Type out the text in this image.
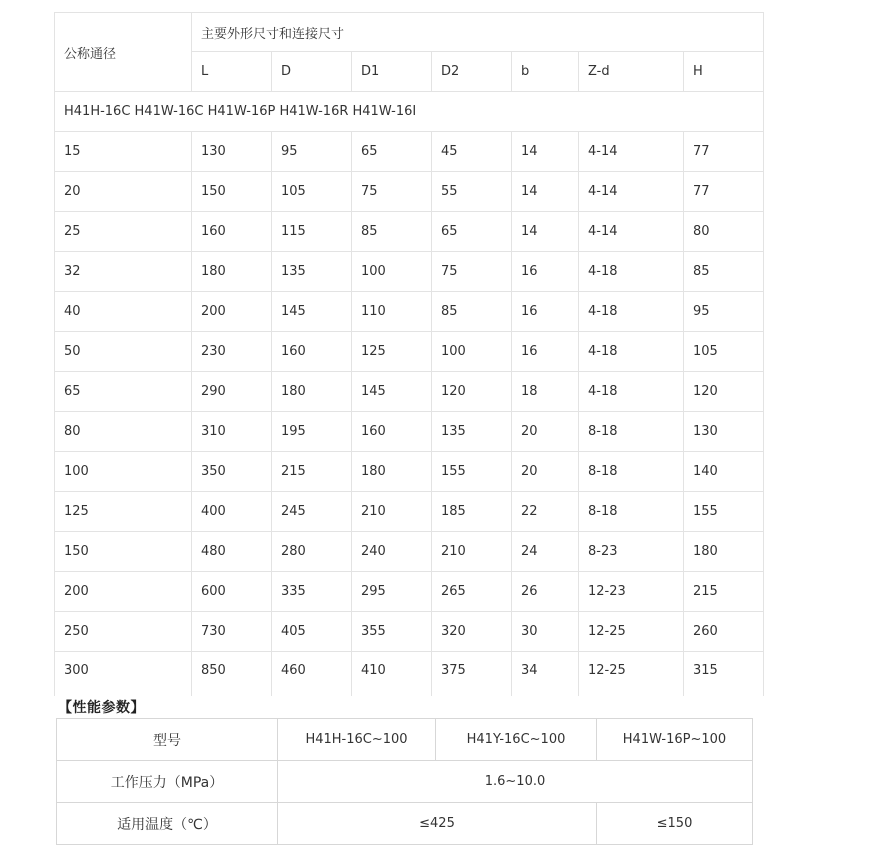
公称通径	主要外形尺寸和连接尺寸						
	L	D	D1	D2	b	Z-d	H
H41H-16C H41W-16C H41W-16P H41W-16R H41W-16I							
15	130	95	65	45	14	4-14	77
20	150	105	75	55	14	4-14	77
25	160	115	85	65	14	4-14	80
32	180	135	100	75	16	4-18	85
40	200	145	110	85	16	4-18	95
50	230	160	125	100	16	4-18	105
65	290	180	145	120	18	4-18	120
80	310	195	160	135	20	8-18	130
100	350	215	180	155	20	8-18	140
125	400	245	210	185	22	8-18	155
150	480	280	240	210	24	8-23	180
200	600	335	295	265	26	12-23	215
250	730	405	355	320	30	12-25	260
300	850	460	410	375	34	12-25	315
【性能参数】
型号	H41H-16C~100	H41Y-16C~100	H41W-16P~100
工作压力（MPa）	1.6~10.0		
适用温度（℃）	≤425		≤150
